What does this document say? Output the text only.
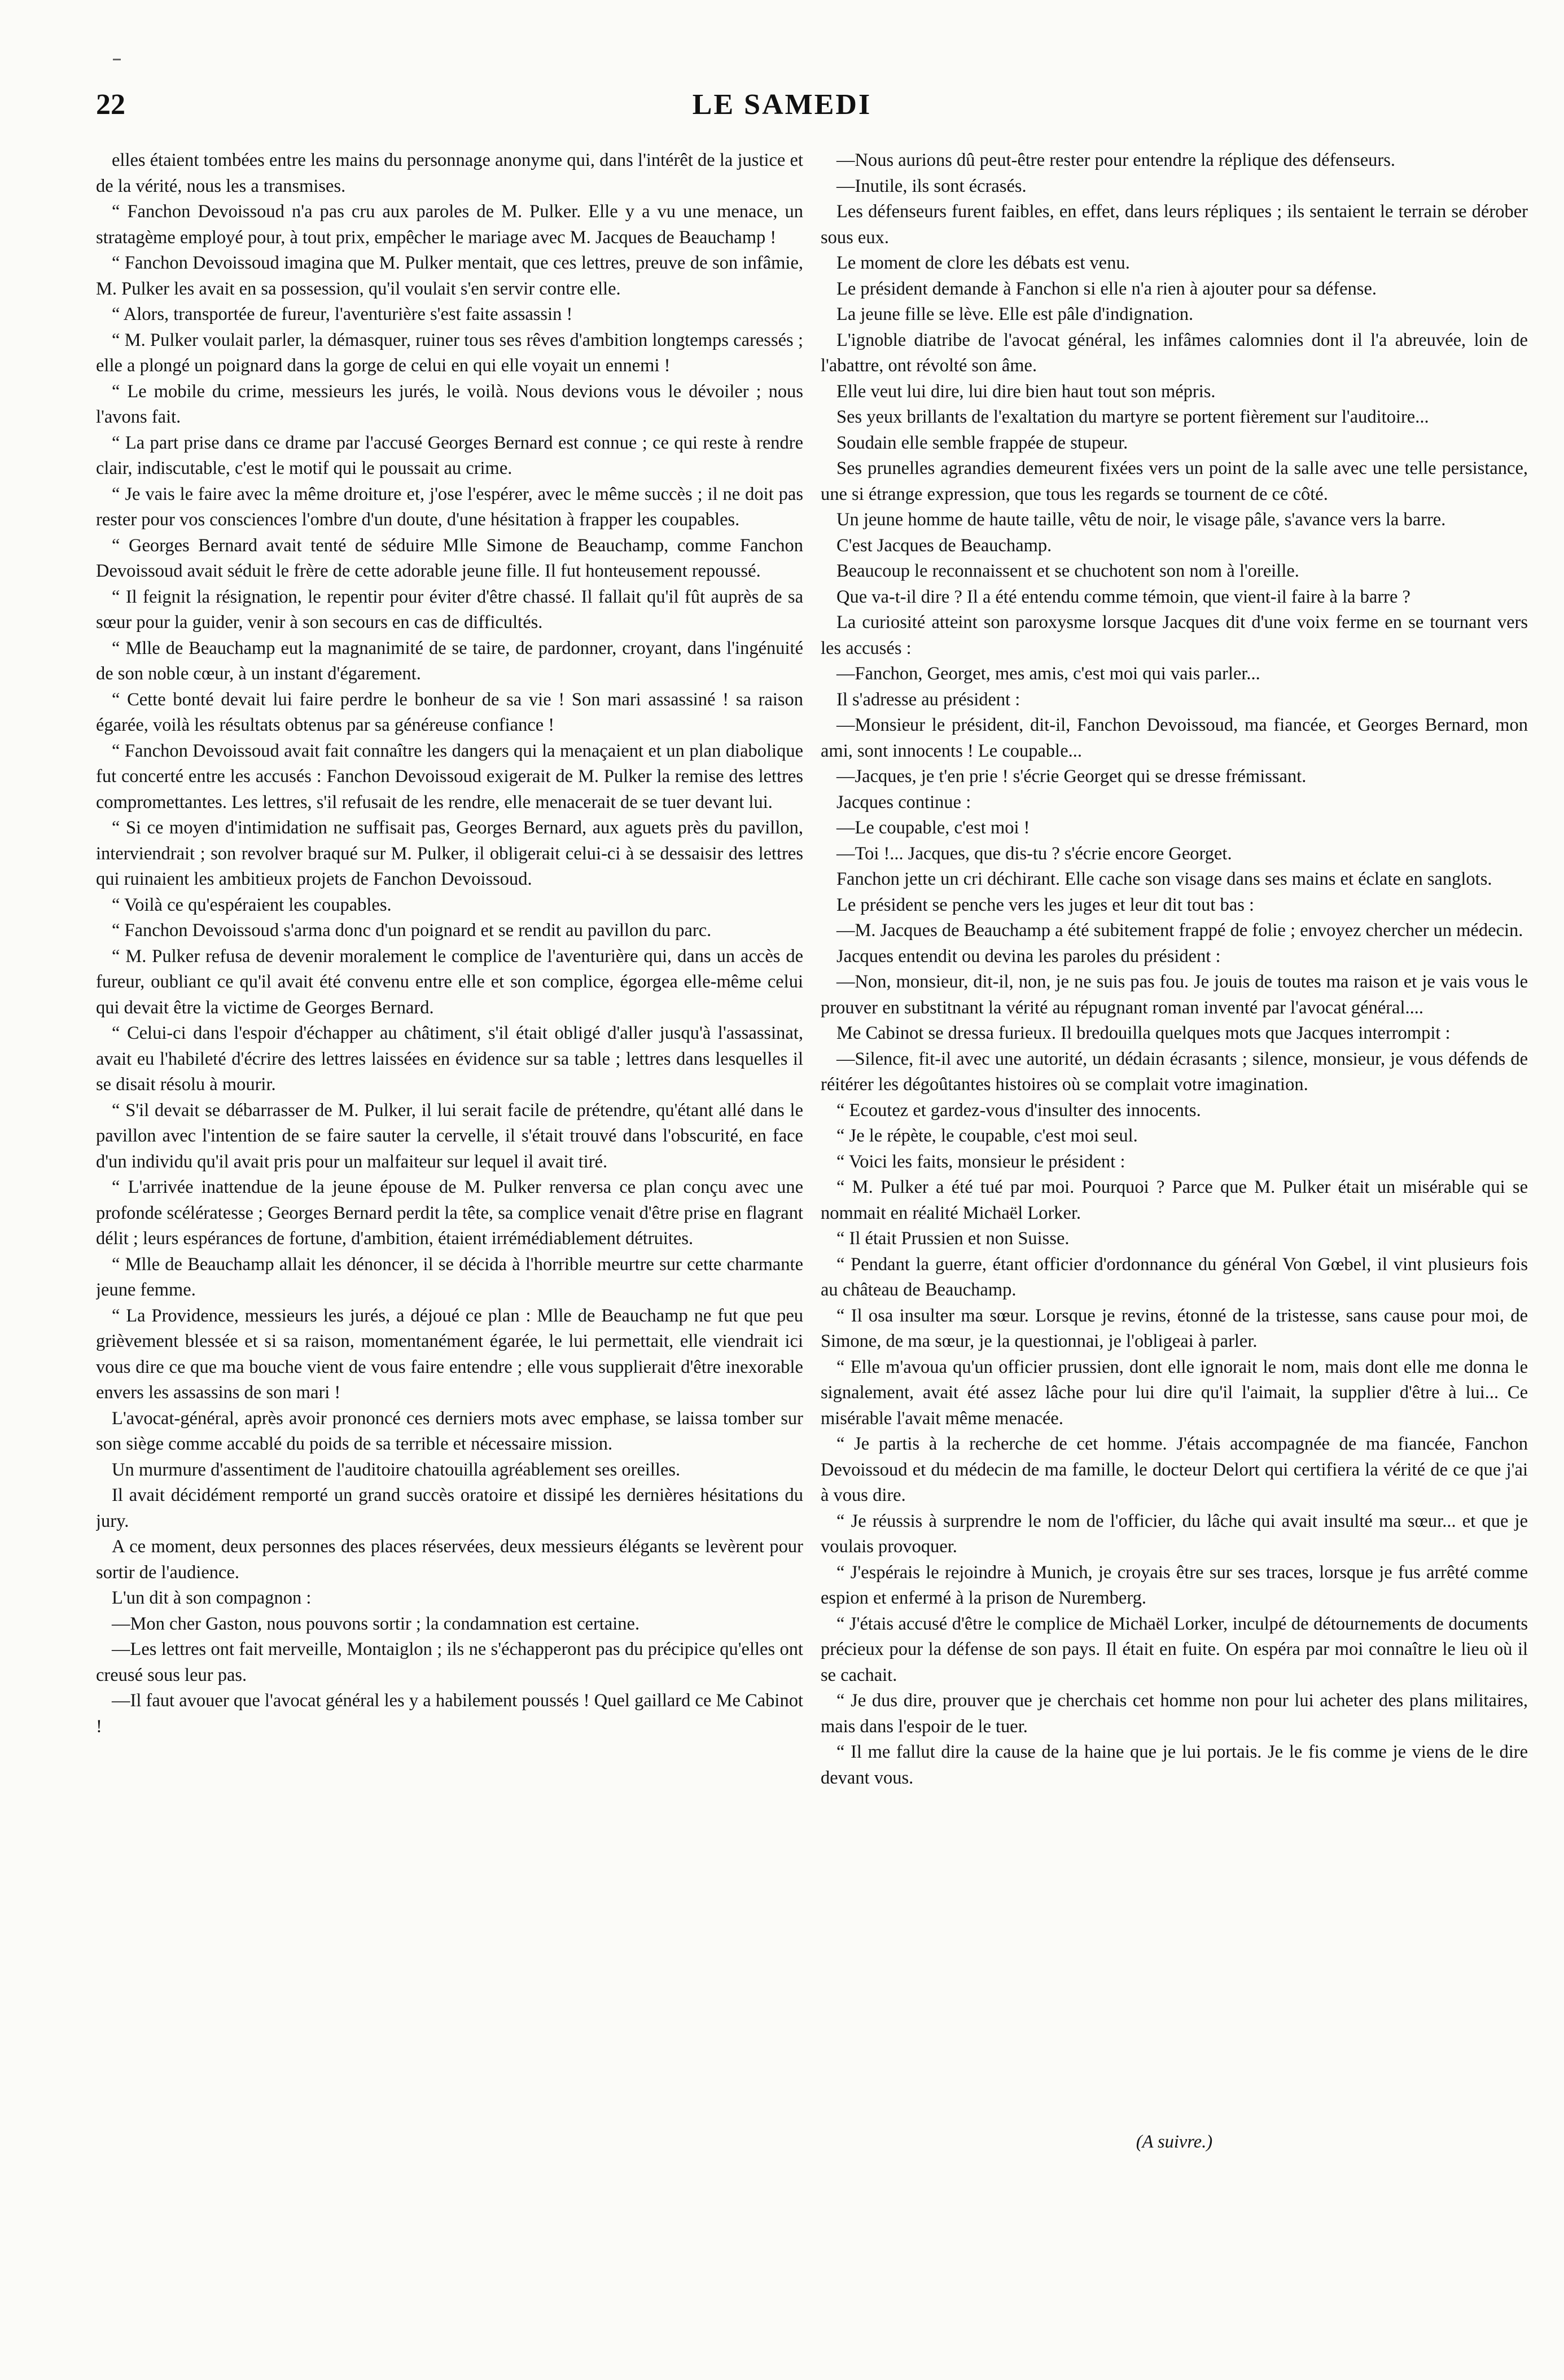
22	LE SAMEDI

elles étaient tombées entre les mains du personnage anonyme qui, dans l'intérêt de la justice et de la vérité, nous les a transmises.

“ Fanchon Devoissoud n'a pas cru aux paroles de M. Pulker. Elle y a vu une menace, un stratagème employé pour, à tout prix, empêcher le mariage avec M. Jacques de Beauchamp !

“ Fanchon Devoissoud imagina que M. Pulker mentait, que ces lettres, preuve de son infâmie, M. Pulker les avait en sa possession, qu'il voulait s'en servir contre elle.

“ Alors, transportée de fureur, l'aventurière s'est faite assassin !

“ M. Pulker voulait parler, la démasquer, ruiner tous ses rêves d'ambition longtemps caressés ; elle a plongé un poignard dans la gorge de celui en qui elle voyait un ennemi !

“ Le mobile du crime, messieurs les jurés, le voilà. Nous devions vous le dévoiler ; nous l'avons fait.

“ La part prise dans ce drame par l'accusé Georges Bernard est connue ; ce qui reste à rendre clair, indiscutable, c'est le motif qui le poussait au crime.

“ Je vais le faire avec la même droiture et, j'ose l'espérer, avec le même succès ; il ne doit pas rester pour vos consciences l'ombre d'un doute, d'une hésitation à frapper les coupables.

“ Georges Bernard avait tenté de séduire Mlle Simone de Beauchamp, comme Fanchon Devoissoud avait séduit le frère de cette adorable jeune fille. Il fut honteusement repoussé.

“ Il feignit la résignation, le repentir pour éviter d'être chassé. Il fallait qu'il fût auprès de sa sœur pour la guider, venir à son secours en cas de difficultés.

“ Mlle de Beauchamp eut la magnanimité de se taire, de pardonner, croyant, dans l'ingénuité de son noble cœur, à un instant d'égarement.

“ Cette bonté devait lui faire perdre le bonheur de sa vie ! Son mari assassiné ! sa raison égarée, voilà les résultats obtenus par sa généreuse confiance !

“ Fanchon Devoissoud avait fait connaître les dangers qui la menaçaient et un plan diabolique fut concerté entre les accusés : Fanchon Devoissoud exigerait de M. Pulker la remise des lettres compromettantes. Les lettres, s'il refusait de les rendre, elle menacerait de se tuer devant lui.

“ Si ce moyen d'intimidation ne suffisait pas, Georges Bernard, aux aguets près du pavillon, interviendrait ; son revolver braqué sur M. Pulker, il obligerait celui-ci à se dessaisir des lettres qui ruinaient les ambitieux projets de Fanchon Devoissoud.

“ Voilà ce qu'espéraient les coupables.

“ Fanchon Devoissoud s'arma donc d'un poignard et se rendit au pavillon du parc.

“ M. Pulker refusa de devenir moralement le complice de l'aventurière qui, dans un accès de fureur, oubliant ce qu'il avait été convenu entre elle et son complice, égorgea elle-même celui qui devait être la victime de Georges Bernard.

“ Celui-ci dans l'espoir d'échapper au châtiment, s'il était obligé d'aller jusqu'à l'assassinat, avait eu l'habileté d'écrire des lettres laissées en évidence sur sa table ; lettres dans lesquelles il se disait résolu à mourir.

“ S'il devait se débarrasser de M. Pulker, il lui serait facile de prétendre, qu'étant allé dans le pavillon avec l'intention de se faire sauter la cervelle, il s'était trouvé dans l'obscurité, en face d'un individu qu'il avait pris pour un malfaiteur sur lequel il avait tiré.

“ L'arrivée inattendue de la jeune épouse de M. Pulker renversa ce plan conçu avec une profonde scélératesse ; Georges Bernard perdit la tête, sa complice venait d'être prise en flagrant délit ; leurs espérances de fortune, d'ambition, étaient irrémédiablement détruites.

“ Mlle de Beauchamp allait les dénoncer, il se décida à l'horrible meurtre sur cette charmante jeune femme.

“ La Providence, messieurs les jurés, a déjoué ce plan : Mlle de Beauchamp ne fut que peu grièvement blessée et si sa raison, momentanément égarée, le lui permettait, elle viendrait ici vous dire ce que ma bouche vient de vous faire entendre ; elle vous supplierait d'être inexorable envers les assassins de son mari !

L'avocat-général, après avoir prononcé ces derniers mots avec emphase, se laissa tomber sur son siège comme accablé du poids de sa terrible et nécessaire mission.

Un murmure d'assentiment de l'auditoire chatouilla agréablement ses oreilles.

Il avait décidément remporté un grand succès oratoire et dissipé les dernières hésitations du jury.

A ce moment, deux personnes des places réservées, deux messieurs élégants se levèrent pour sortir de l'audience.

L'un dit à son compagnon :

—Mon cher Gaston, nous pouvons sortir ; la condamnation est certaine.

—Les lettres ont fait merveille, Montaiglon ; ils ne s'échapperont pas du précipice qu'elles ont creusé sous leur pas.

—Il faut avouer que l'avocat général les y a habilement poussés ! Quel gaillard ce Me Cabinot !

—Nous aurions dû peut-être rester pour entendre la réplique des défenseurs.

—Inutile, ils sont écrasés.

Les défenseurs furent faibles, en effet, dans leurs répliques ; ils sentaient le terrain se dérober sous eux.

Le moment de clore les débats est venu.

Le président demande à Fanchon si elle n'a rien à ajouter pour sa défense.

La jeune fille se lève. Elle est pâle d'indignation.

L'ignoble diatribe de l'avocat général, les infâmes calomnies dont il l'a abreuvée, loin de l'abattre, ont révolté son âme.

Elle veut lui dire, lui dire bien haut tout son mépris.

Ses yeux brillants de l'exaltation du martyre se portent fièrement sur l'auditoire...

Soudain elle semble frappée de stupeur.

Ses prunelles agrandies demeurent fixées vers un point de la salle avec une telle persistance, une si étrange expression, que tous les regards se tournent de ce côté.

Un jeune homme de haute taille, vêtu de noir, le visage pâle, s'avance vers la barre.

C'est Jacques de Beauchamp.

Beaucoup le reconnaissent et se chuchotent son nom à l'oreille.

Que va-t-il dire ? Il a été entendu comme témoin, que vient-il faire à la barre ?

La curiosité atteint son paroxysme lorsque Jacques dit d'une voix ferme en se tournant vers les accusés :

—Fanchon, Georget, mes amis, c'est moi qui vais parler...

Il s'adresse au président :

—Monsieur le président, dit-il, Fanchon Devoissoud, ma fiancée, et Georges Bernard, mon ami, sont innocents ! Le coupable...

—Jacques, je t'en prie ! s'écrie Georget qui se dresse frémissant.

Jacques continue :

—Le coupable, c'est moi !

—Toi !... Jacques, que dis-tu ? s'écrie encore Georget.

Fanchon jette un cri déchirant. Elle cache son visage dans ses mains et éclate en sanglots.

Le président se penche vers les juges et leur dit tout bas :

—M. Jacques de Beauchamp a été subitement frappé de folie ; envoyez chercher un médecin.

Jacques entendit ou devina les paroles du président :

—Non, monsieur, dit-il, non, je ne suis pas fou. Je jouis de toutes ma raison et je vais vous le prouver en substitnant la vérité au répugnant roman inventé par l'avocat général....

Me Cabinot se dressa furieux. Il bredouilla quelques mots que Jacques interrompit :

—Silence, fit-il avec une autorité, un dédain écrasants ; silence, monsieur, je vous défends de réitérer les dégoûtantes histoires où se complait votre imagination.

“ Ecoutez et gardez-vous d'insulter des innocents.

“ Je le répète, le coupable, c'est moi seul.

“ Voici les faits, monsieur le président :

“ M. Pulker a été tué par moi. Pourquoi ? Parce que M. Pulker était un misérable qui se nommait en réalité Michaël Lorker.

“ Il était Prussien et non Suisse.

“ Pendant la guerre, étant officier d'ordonnance du général Von Gœbel, il vint plusieurs fois au château de Beauchamp.

“ Il osa insulter ma sœur. Lorsque je revins, étonné de la tristesse, sans cause pour moi, de Simone, de ma sœur, je la questionnai, je l'obligeai à parler.

“ Elle m'avoua qu'un officier prussien, dont elle ignorait le nom, mais dont elle me donna le signalement, avait été assez lâche pour lui dire qu'il l'aimait, la supplier d'être à lui... Ce misérable l'avait même menacée.

“ Je partis à la recherche de cet homme. J'étais accompagnée de ma fiancée, Fanchon Devoissoud et du médecin de ma famille, le docteur Delort qui certifiera la vérité de ce que j'ai à vous dire.

“ Je réussis à surprendre le nom de l'officier, du lâche qui avait insulté ma sœur... et que je voulais provoquer.

“ J'espérais le rejoindre à Munich, je croyais être sur ses traces, lorsque je fus arrêté comme espion et enfermé à la prison de Nuremberg.

“ J'étais accusé d'être le complice de Michaël Lorker, inculpé de détournements de documents précieux pour la défense de son pays. Il était en fuite. On espéra par moi connaître le lieu où il se cachait.

“ Je dus dire, prouver que je cherchais cet homme non pour lui acheter des plans militaires, mais dans l'espoir de le tuer.

“ Il me fallut dire la cause de la haine que je lui portais. Je le fis comme je viens de le dire devant vous.

(A suivre.)
